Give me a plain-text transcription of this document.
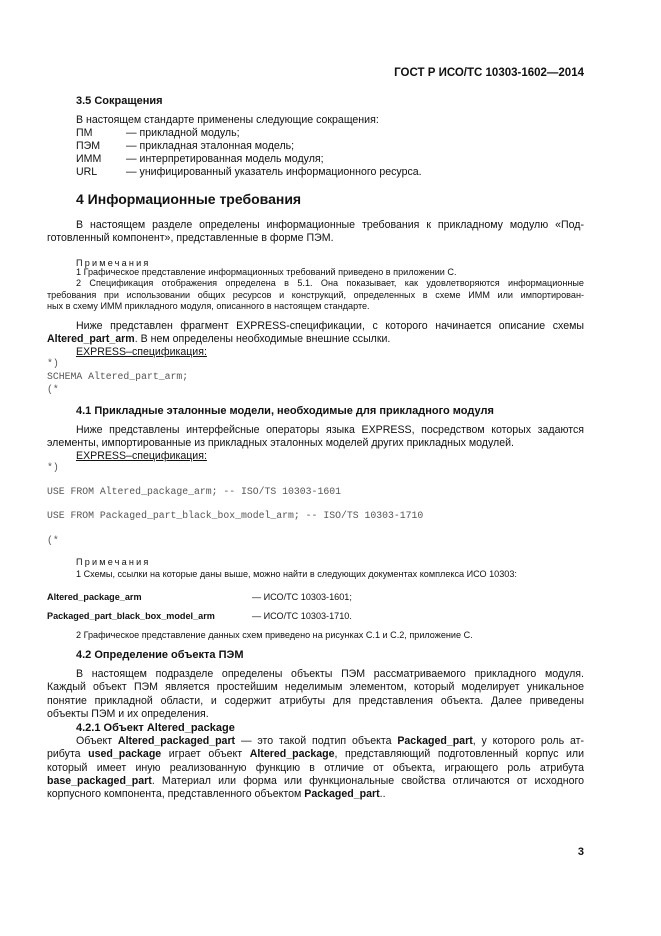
ГОСТ Р ИСО/ТС 10303-1602—2014
3.5 Сокращения
В настоящем стандарте применены следующие сокращения:
ПМ	— прикладной модуль;
ПЭМ — прикладная эталонная модель;
ИММ — интерпретированная модель модуля;
URL	— унифицированный указатель информационного ресурса.
4 Информационные требования
В настоящем разделе определены информационные требования к прикладному модулю «Под-
готовленный компонент», представленные в форме ПЭМ.
Примечания
1 Графическое представление информационных требований приведено в приложении С.
2 Спецификация отображения определена в 5.1. Она показывает, как удовлетворяются информационные
требования при использовании общих ресурсов и конструкций, определенных в схеме ИММ или импортирован-
ных в схему ИММ прикладного модуля, описанного в настоящем стандарте.
Ниже представлен фрагмент EXPRESS-спецификации, с которого начинается описание схемы
Altered_part_arm. В нем определены необходимые внешние ссылки.
EXPRESS–спецификация:
*)
SCHEMA Altered_part_arm;
(*
4.1 Прикладные эталонные модели, необходимые для прикладного модуля
Ниже представлены интерфейсные операторы языка EXPRESS, посредством которых задаются
элементы, импортированные из прикладных эталонных моделей других прикладных модулей.
EXPRESS–спецификация:
*)
USE FROM Altered_package_arm; -- ISO/TS 10303-1601
USE FROM Packaged_part_black_box_model_arm; -- ISO/TS 10303-1710
(*
Примечания
1 Схемы, ссылки на которые даны выше, можно найти в следующих документах комплекса ИСО 10303:
Altered_package_arm	— ИСО/ТС 10303-1601;
Packaged_part_black_box_model_arm	— ИСО/ТС 10303-1710.
2 Графическое представление данных схем приведено на рисунках С.1 и С.2, приложение С.
4.2 Определение объекта ПЭМ
В настоящем подразделе определены объекты ПЭМ рассматриваемого прикладного модуля.
Каждый объект ПЭМ является простейшим неделимым элементом, который моделирует уникальное
понятие прикладной области, и содержит атрибуты для представления объекта. Далее приведены
объекты ПЭМ и их определения.
4.2.1 Объект Altered_package
Объект Altered_packaged_part — это такой подтип объекта Packaged_part, у которого роль ат-
рибута used_package играет объект Altered_package, представляющий подготовленный корпус или
который имеет иную реализованную функцию в отличие от объекта, играющего роль атрибута
base_packaged_part. Материал или форма или функциональные свойства отличаются от исходного
корпусного компонента, представленного объектом Packaged_part..
3
